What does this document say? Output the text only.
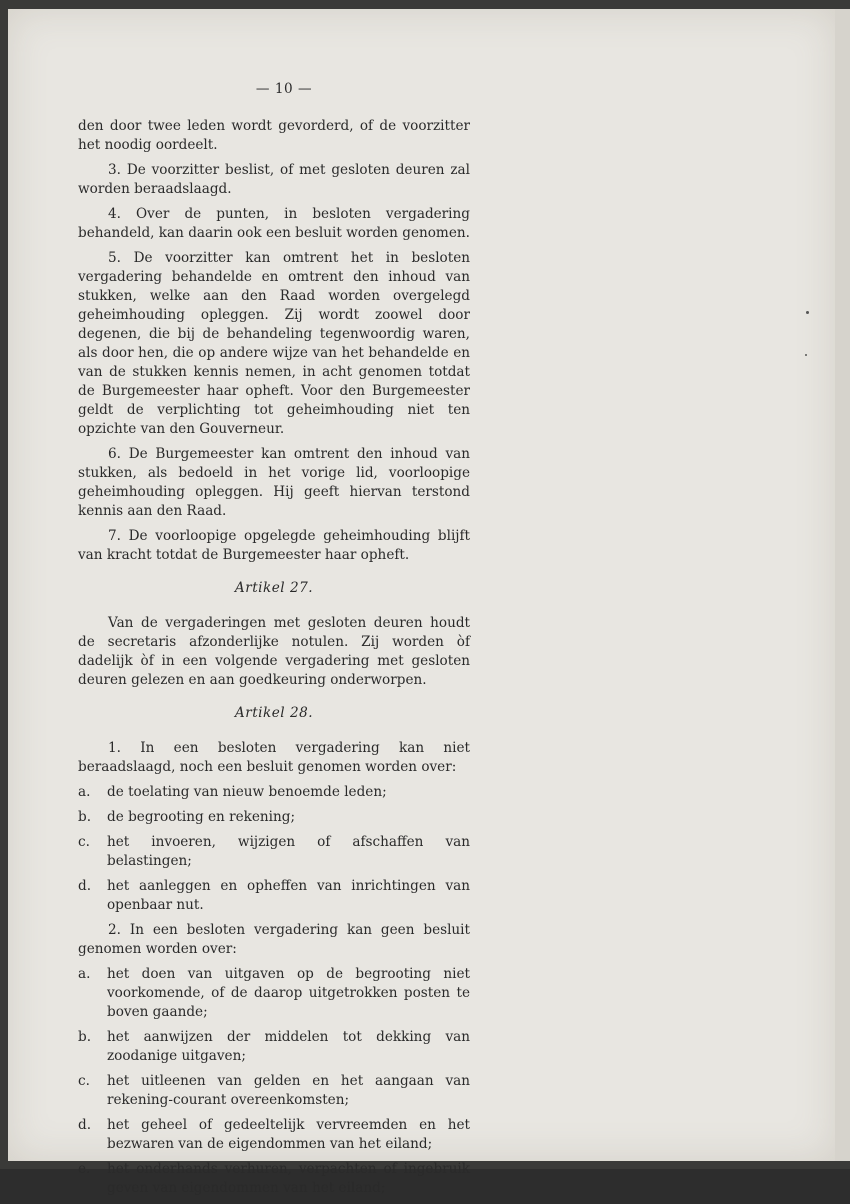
— 10 —

den door twee leden wordt gevorderd, of de voorzitter het noodig oordeelt.

3. De voorzitter beslist, of met gesloten deuren zal worden beraadslaagd.

4. Over de punten, in besloten vergadering behandeld, kan daarin ook een besluit worden genomen.

5. De voorzitter kan omtrent het in besloten vergadering behandelde en omtrent den inhoud van stukken, welke aan den Raad worden overgelegd geheimhouding opleggen. Zij wordt zoowel door degenen, die bij de behandeling tegenwoordig waren, als door hen, die op andere wijze van het behandelde en van de stukken kennis nemen, in acht genomen totdat de Burgemeester haar opheft. Voor den Burgemeester geldt de verplichting tot geheimhouding niet ten opzichte van den Gouverneur.

6. De Burgemeester kan omtrent den inhoud van stukken, als bedoeld in het vorige lid, voorloopige geheimhouding opleggen. Hij geeft hiervan terstond kennis aan den Raad.

7. De voorloopige opgelegde geheimhouding blijft van kracht totdat de Burgemeester haar opheft.

Artikel 27.

Van de vergaderingen met gesloten deuren houdt de secretaris afzonderlijke notulen. Zij worden òf dadelijk òf in een volgende vergadering met gesloten deuren gelezen en aan goedkeuring onderworpen.

Artikel 28.

1. In een besloten vergadering kan niet beraadslaagd, noch een besluit genomen worden over:

a.	de toelating van nieuw benoemde leden;
b.	de begrooting en rekening;
c.	het invoeren, wijzigen of afschaffen van belastingen;
d.	het aanleggen en opheffen van inrichtingen van openbaar nut.

2. In een besloten vergadering kan geen besluit genomen worden over:

a.	het doen van uitgaven op de begrooting niet voorkomende, of de daarop uitgetrokken posten te boven gaande;
b.	het aanwijzen der middelen tot dekking van zoodanige uitgaven;
c.	het uitleenen van gelden en het aangaan van rekening-courant overeenkomsten;
d.	het geheel of gedeeltelijk vervreemden en het bezwaren van de eigendommen van het eiland;
e.	het onderhands verhuren, verpachten of ingebruik geven van eigendommen van het eiland;
